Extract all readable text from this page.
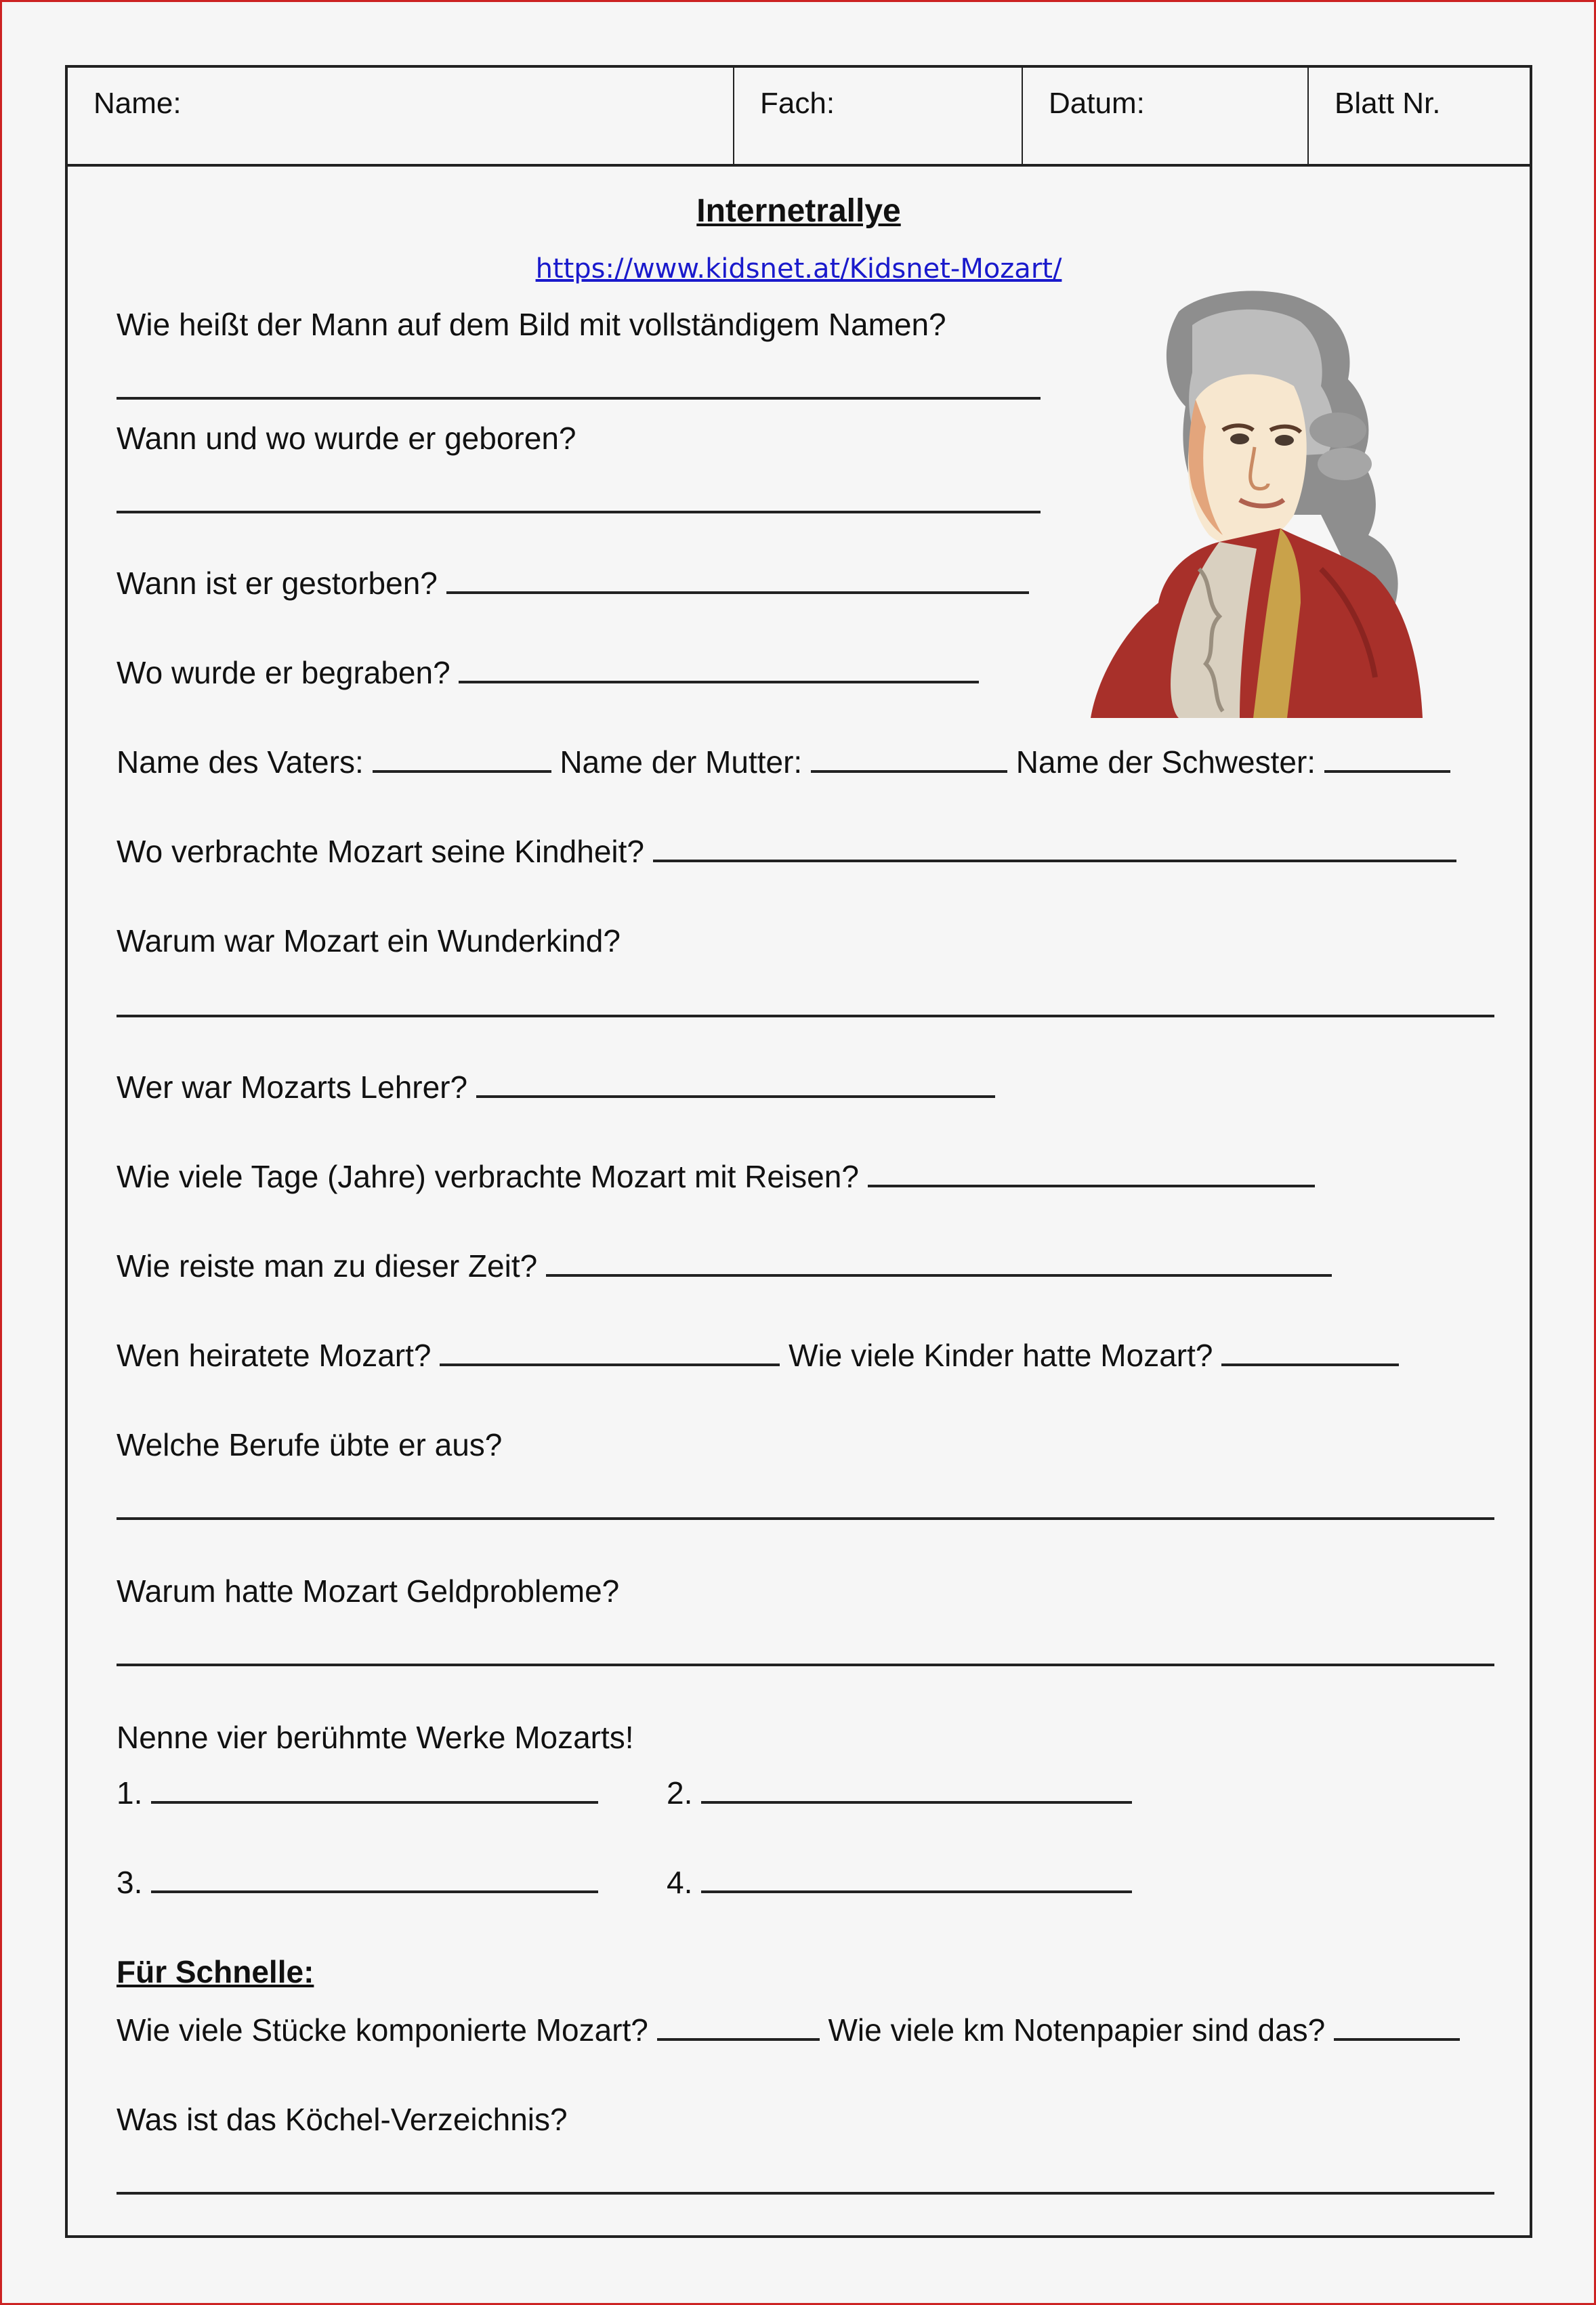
Name:	Fach:	Datum:	Blatt Nr.
Internetrallye
https://www.kidsnet.at/Kidsnet-Mozart/
Wie heißt der Mann auf dem Bild mit vollständigem Namen?
Wann und wo wurde er geboren?
Wann ist er gestorben?
Wo wurde er begraben?
Name des Vaters:	Name der Mutter:	Name der Schwester:
Wo verbrachte Mozart seine Kindheit?
Warum war Mozart ein Wunderkind?
Wer war Mozarts Lehrer?
Wie viele Tage (Jahre) verbrachte Mozart mit Reisen?
Wie reiste man zu dieser Zeit?
Wen heiratete Mozart?	Wie viele Kinder hatte Mozart?
Welche Berufe übte er aus?
Warum hatte Mozart Geldprobleme?
Nenne vier berühmte Werke Mozarts!
1.	2.
3.	4.
Für Schnelle:
Wie viele Stücke komponierte Mozart?	Wie viele km Notenpapier sind das?
Was ist das Köchel-Verzeichnis?
